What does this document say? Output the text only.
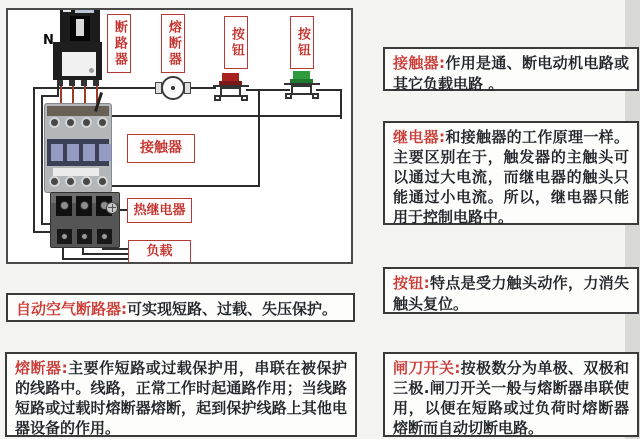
N	断路器	熔断器	按钮	按钮
接触器
热继电器
负载
自动空气断路器:可实现短路、过载、失压保护。
熔断器:主要作短路或过载保护用，串联在被保护的线路中。线路，正常工作时起通路作用；当线路短路或过载时熔断器熔断，起到保护线路上其他电器设备的作用。
接触器:作用是通、断电动机电路或其它负载电路 。
继电器:和接触器的工作原理一样。主要区别在于，触发器的主触头可以通过大电流，而继电器的触头只能通过小电流。所以，继电器只能用于控制电路中。
按钮:特点是受力触头动作，力消失触头复位。
闸刀开关:按极数分为单极、双极和三极.闸刀开关一般与熔断器串联使用，以便在短路或过负荷时熔断器熔断而自动切断电路。
